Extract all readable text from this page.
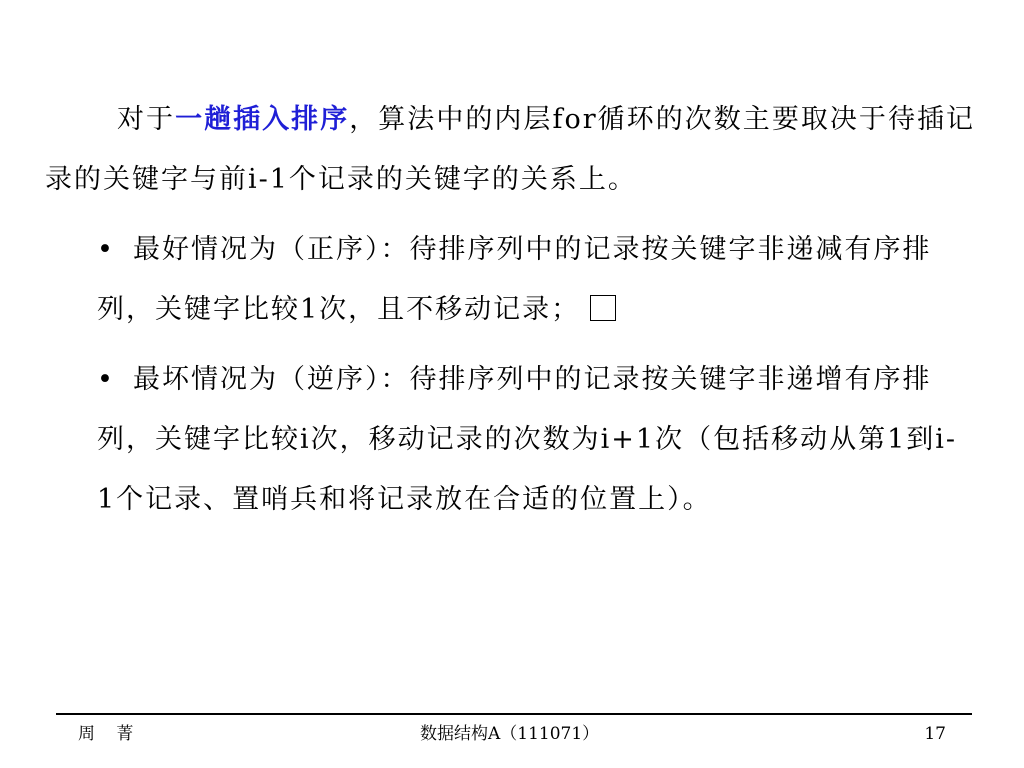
对于一趟插入排序，算法中的内层for循环的次数主要取决于待插记录的关键字与前i-1个记录的关键字的关系上。

• 最好情况为（正序）：待排序列中的记录按关键字非递减有序排列，关键字比较1次，且不移动记录；

• 最坏情况为（逆序）：待排序列中的记录按关键字非递增有序排列，关键字比较i次，移动记录的次数为i+1次（包括移动从第1到i-1个记录、置哨兵和将记录放在合适的位置上）。

周 菁	数据结构A（111071）	17
